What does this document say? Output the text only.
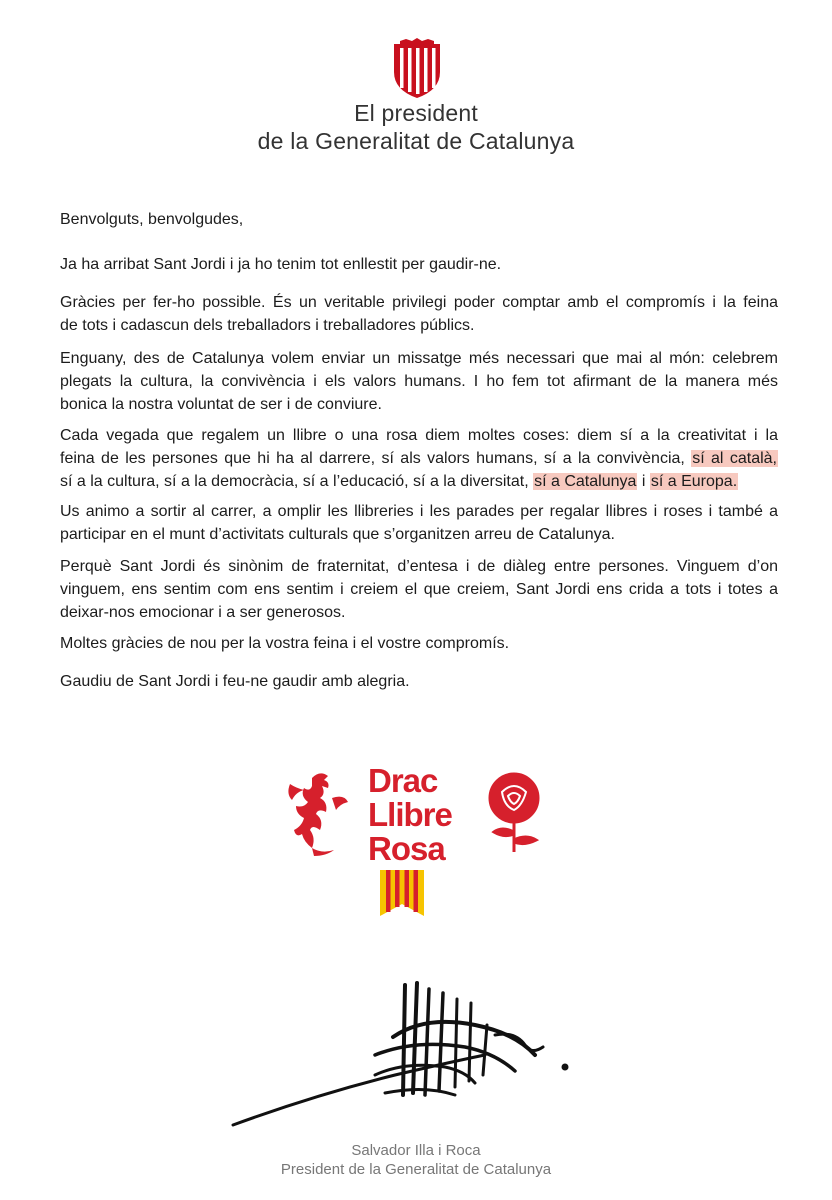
El president
de la Generalitat de Catalunya
Benvolguts, benvolgudes,
Ja ha arribat Sant Jordi i ja ho tenim tot enllestit per gaudir-ne.
Gràcies per fer-ho possible. És un veritable privilegi poder comptar amb el compromís i la feina
de tots i cadascun dels treballadors i treballadores públics.
Enguany, des de Catalunya volem enviar un missatge més necessari que mai al món: celebrem
plegats la cultura, la convivència i els valors humans. I ho fem tot afirmant de la manera més
bonica la nostra voluntat de ser i de conviure.
Cada vegada que regalem un llibre o una rosa diem moltes coses: diem sí a la creativitat i la
feina de les persones que hi ha al darrere, sí als valors humans, sí a la convivència, sí al català,
sí a la cultura, sí a la democràcia, sí a l’educació, sí a la diversitat, sí a Catalunya i sí a Europa.
Us animo a sortir al carrer, a omplir les llibreries i les parades per regalar llibres i roses i també a
participar en el munt d’activitats culturals que s’organitzen arreu de Catalunya.
Perquè Sant Jordi és sinònim de fraternitat, d’entesa i de diàleg entre persones. Vinguem d’on
vinguem, ens sentim com ens sentim i creiem el que creiem, Sant Jordi ens crida a tots i totes a
deixar-nos emocionar i a ser generosos.
Moltes gràcies de nou per la vostra feina i el vostre compromís.
Gaudiu de Sant Jordi i feu-ne gaudir amb alegria.
Drac
Llibre
Rosa
Salvador Illa i Roca
President de la Generalitat de Catalunya
